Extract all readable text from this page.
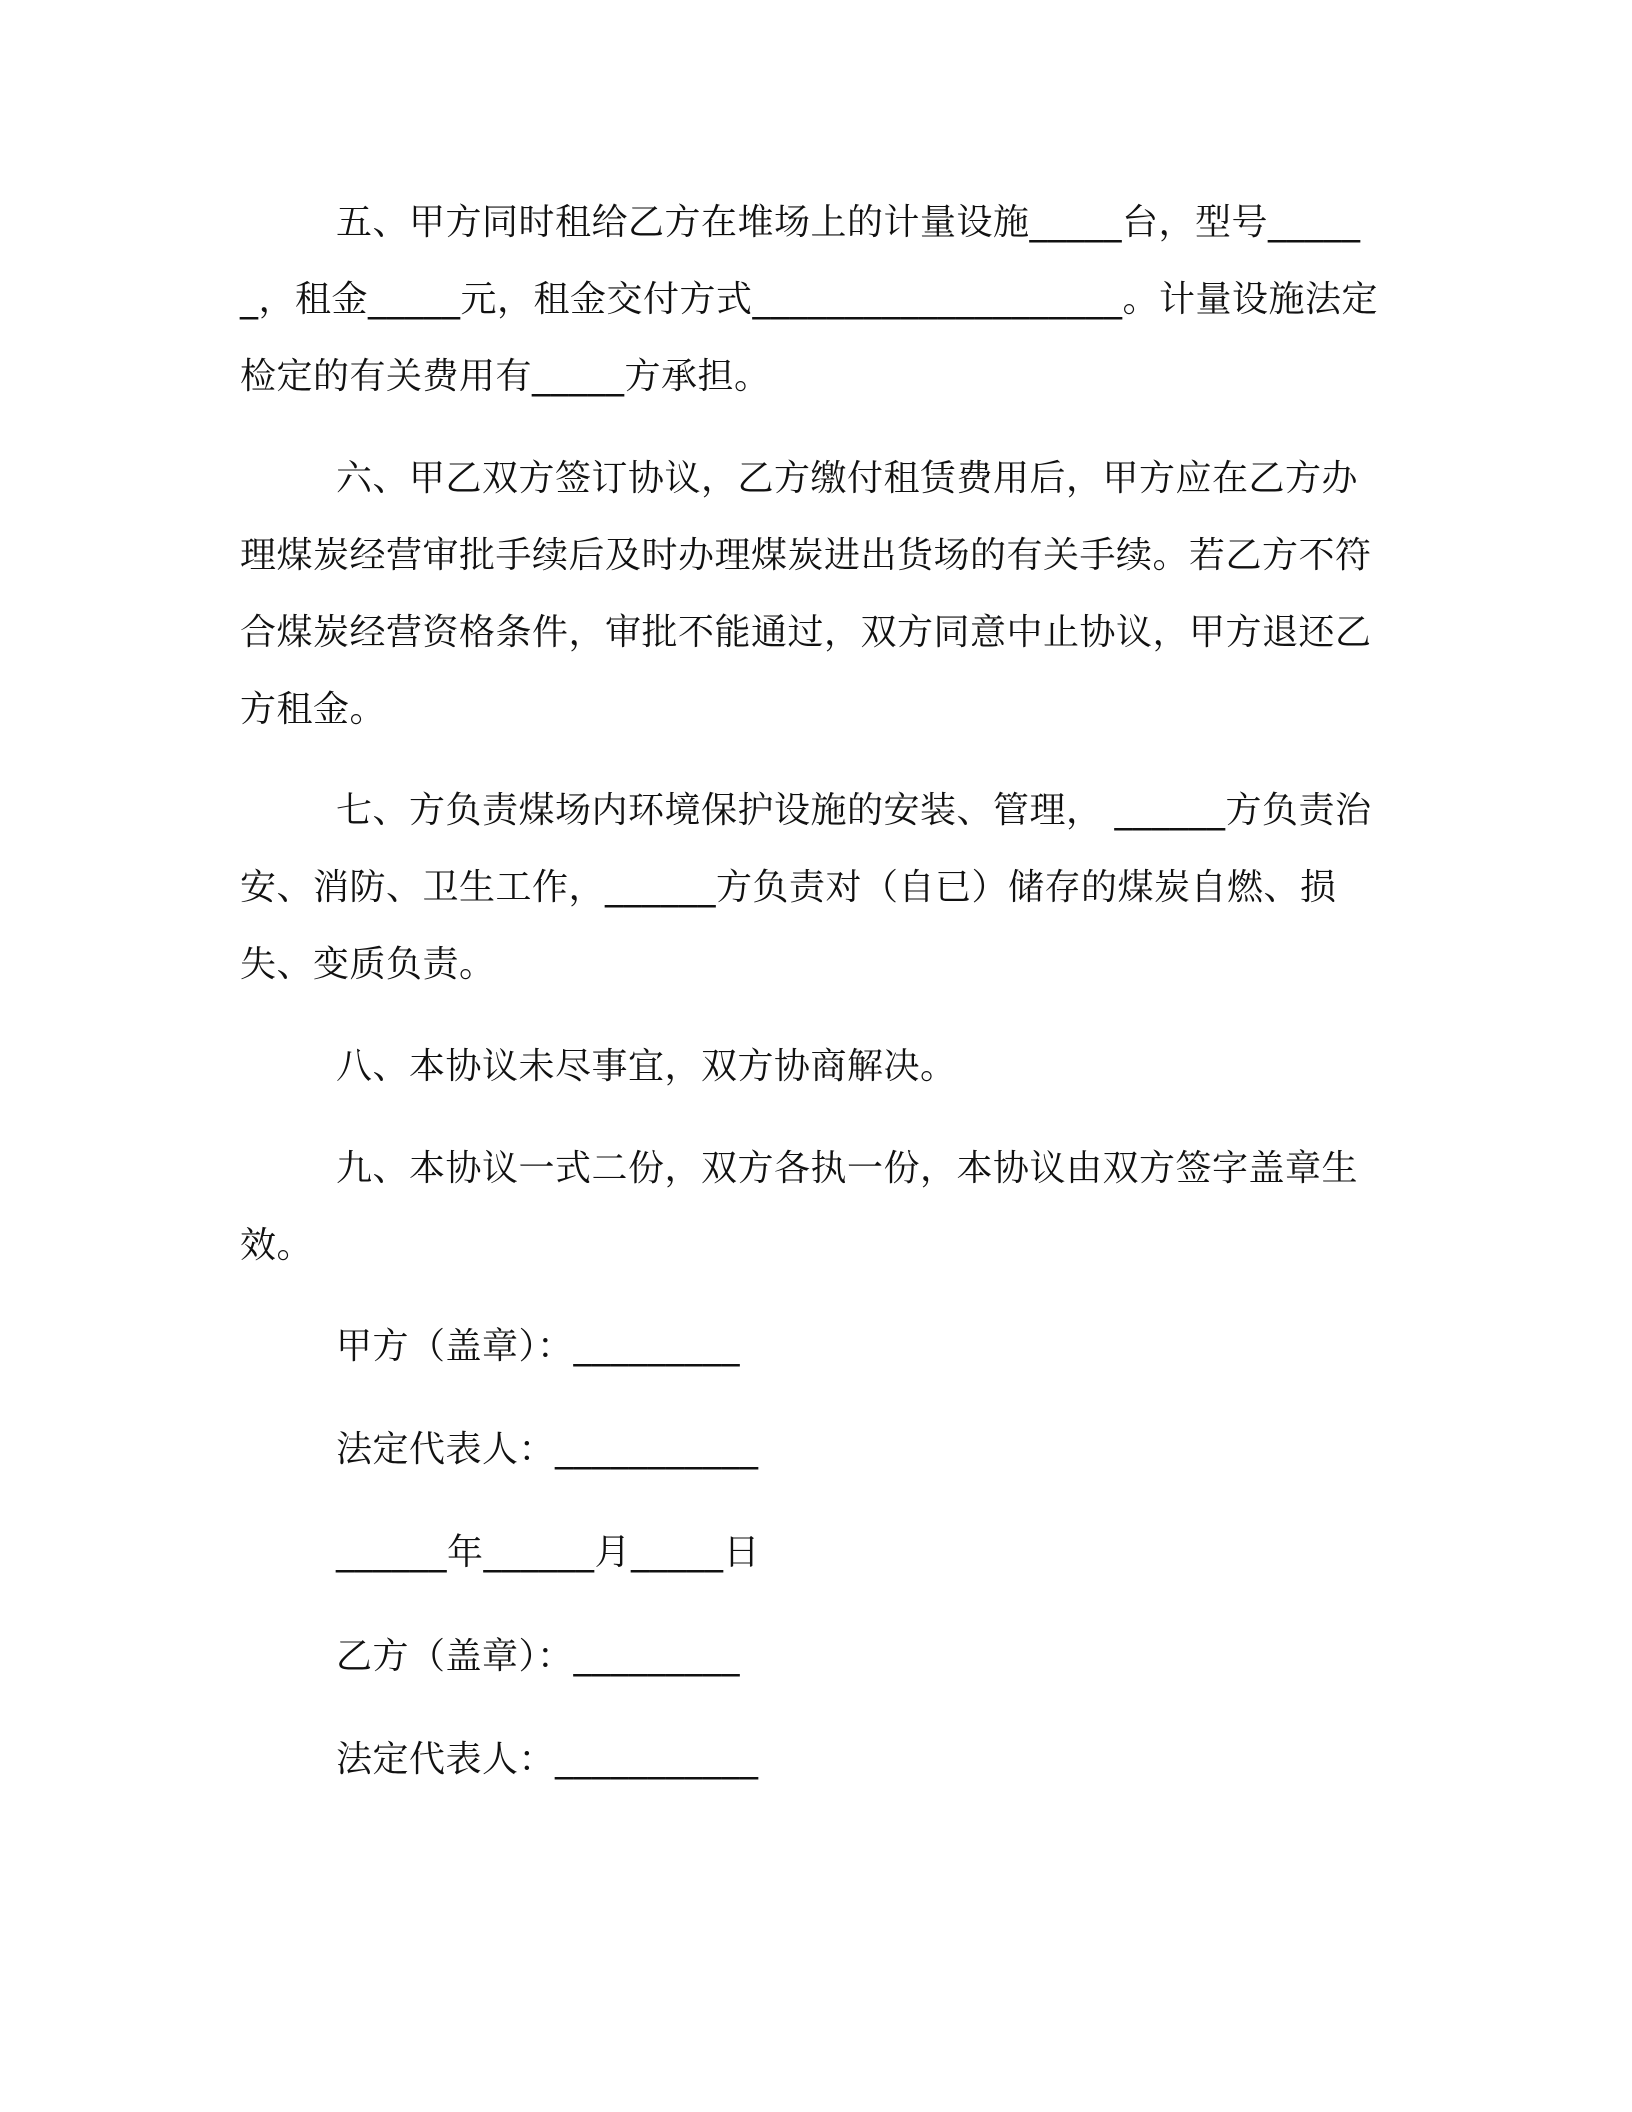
五、甲方同时租给乙方在堆场上的计量设施_____台，型号______，租金_____元，租金交付方式____________________。计量设施法定检定的有关费用有_____方承担。

六、甲乙双方签订协议，乙方缴付租赁费用后，甲方应在乙方办理煤炭经营审批手续后及时办理煤炭进出货场的有关手续。若乙方不符合煤炭经营资格条件，审批不能通过，双方同意中止协议，甲方退还乙方租金。

七、方负责煤场内环境保护设施的安装、管理， ______方负责治安、消防、卫生工作，______方负责对（自已）储存的煤炭自燃、损失、变质负责。

八、本协议未尽事宜，双方协商解决。

九、本协议一式二份，双方各执一份，本协议由双方签字盖章生效。

甲方（盖章）：_________

法定代表人：___________

______年______月_____日

乙方（盖章）：_________

法定代表人：___________
